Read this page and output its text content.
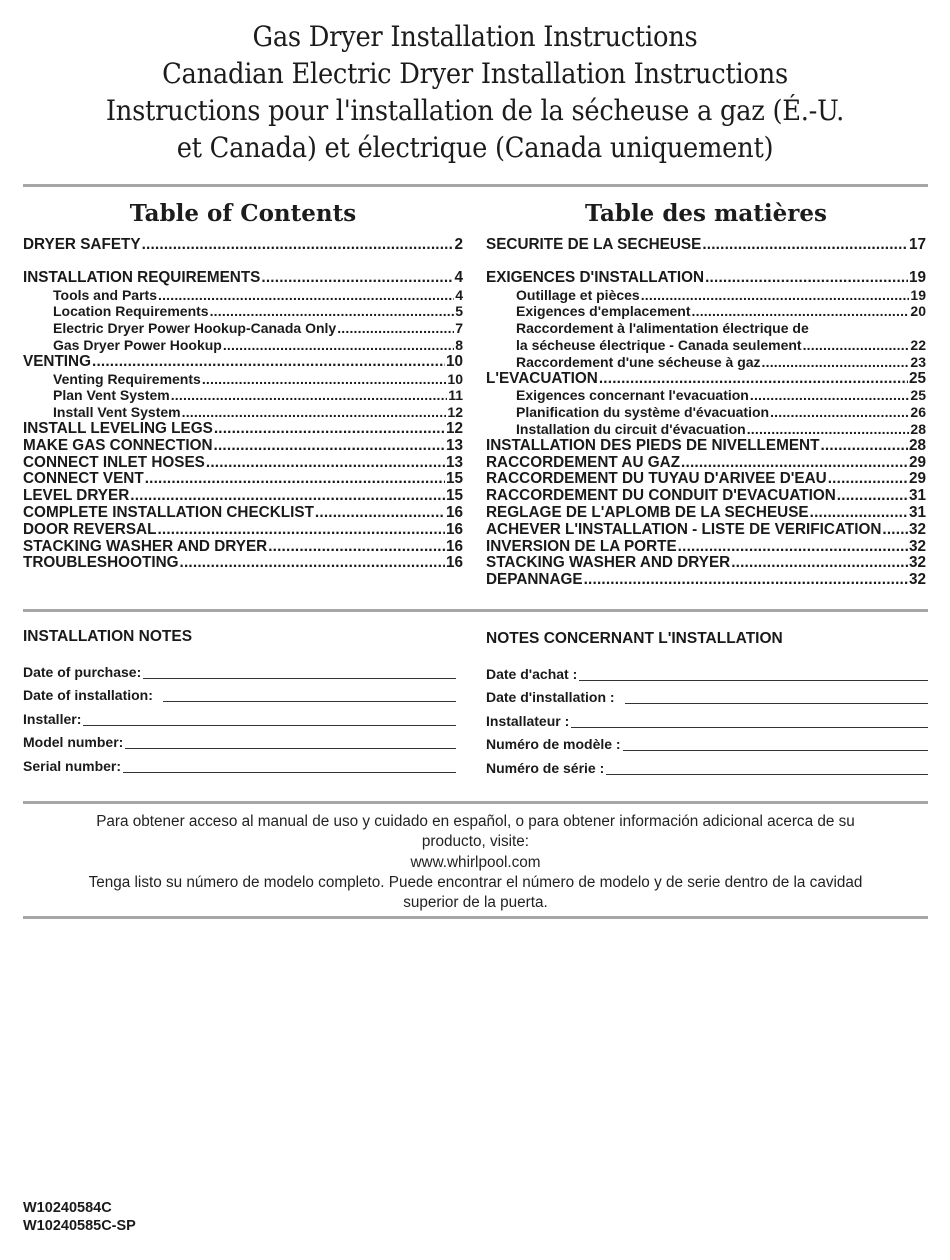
Gas Dryer Installation Instructions
Canadian Electric Dryer Installation Instructions
Instructions pour l'installation de la sécheuse a gaz (É.-U.
et Canada) et électrique (Canada uniquement)
Table of Contents
DRYER SAFETY .....	2
INSTALLATION REQUIREMENTS .....	4
Tools and Parts .....	4
Location Requirements .....	5
Electric Dryer Power Hookup-Canada Only .....	7
Gas Dryer Power Hookup .....	8
VENTING .....	10
Venting Requirements .....	10
Plan Vent System .....	11
Install Vent System .....	12
INSTALL LEVELING LEGS .....	12
MAKE GAS CONNECTION .....	13
CONNECT INLET HOSES .....	13
CONNECT VENT .....	15
LEVEL DRYER .....	15
COMPLETE INSTALLATION CHECKLIST .....	16
DOOR REVERSAL .....	16
STACKING WASHER AND DRYER .....	16
TROUBLESHOOTING .....	16
Table des matières
SÉCURITÉ DE LA SÉCHEUSE .....	17
EXIGENCES D'INSTALLATION .....	19
Outillage et pièces .....	19
Exigences d'emplacement .....	20
Raccordement à l'alimentation électrique de
la sécheuse électrique - Canada seulement .....	22
Raccordement d'une sécheuse à gaz .....	23
L'EVACUATION .....	25
Exigences concernant l'evacuation .....	25
Planification du système d'évacuation .....	26
Installation du circuit d'évacuation .....	28
INSTALLATION DES PIEDS DE NIVELLEMENT .....	28
RACCORDEMENT AU GAZ .....	29
RACCORDEMENT DU TUYAU D'ARIVÉE D'EAU .....	29
RACCORDEMENT DU CONDUIT D'ÉVACUATION .....	31
RÉGLAGE DE L'APLOMB DE LA SÉCHEUSE .....	31
ACHEVER L'INSTALLATION - LISTE DE VÉRIFICATION ..... 32
INVERSION DE LA PORTE .....	32
STACKING WASHER AND DRYER .....	32
DÉPANNAGE .....	32
INSTALLATION NOTES
Date of purchase:
Date of installation:
Installer:
Model number:
Serial number:
NOTES CONCERNANT L'INSTALLATION
Date d'achat :
Date d'installation :
Installateur :
Numéro de modèle :
Numéro de série :
Para obtener acceso al manual de uso y cuidado en español, o para obtener información adicional acerca de su
producto, visite:
www.whirlpool.com
Tenga listo su número de modelo completo. Puede encontrar el número de modelo y de serie dentro de la cavidad
superior de la puerta.
W10240584C
W10240585C-SP
